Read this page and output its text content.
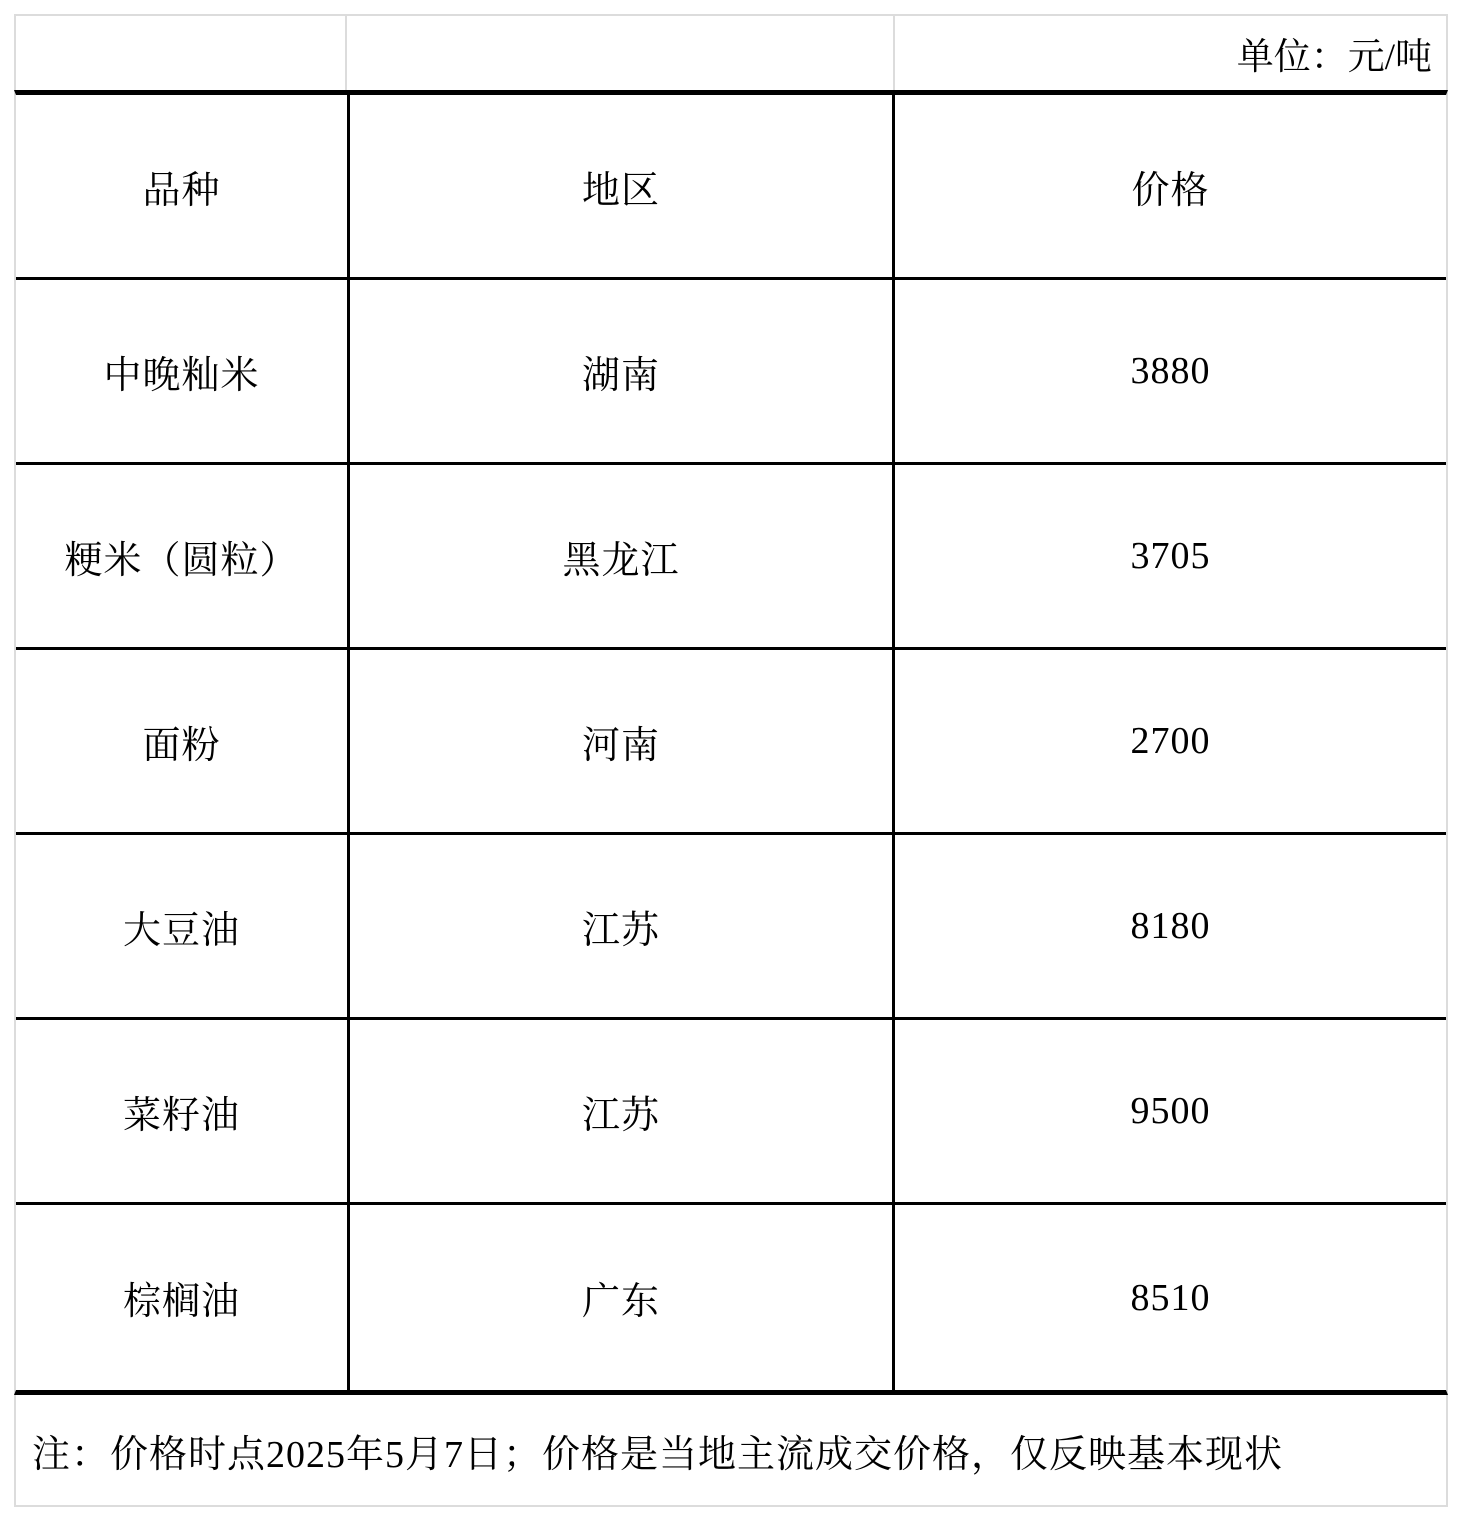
单位：元/吨
品种	地区	价格
中晚籼米	湖南	3880
粳米（圆粒）	黑龙江	3705
面粉	河南	2700
大豆油	江苏	8180
菜籽油	江苏	9500
棕榈油	广东	8510
注：价格时点2025年5月7日；价格是当地主流成交价格，仅反映基本现状
